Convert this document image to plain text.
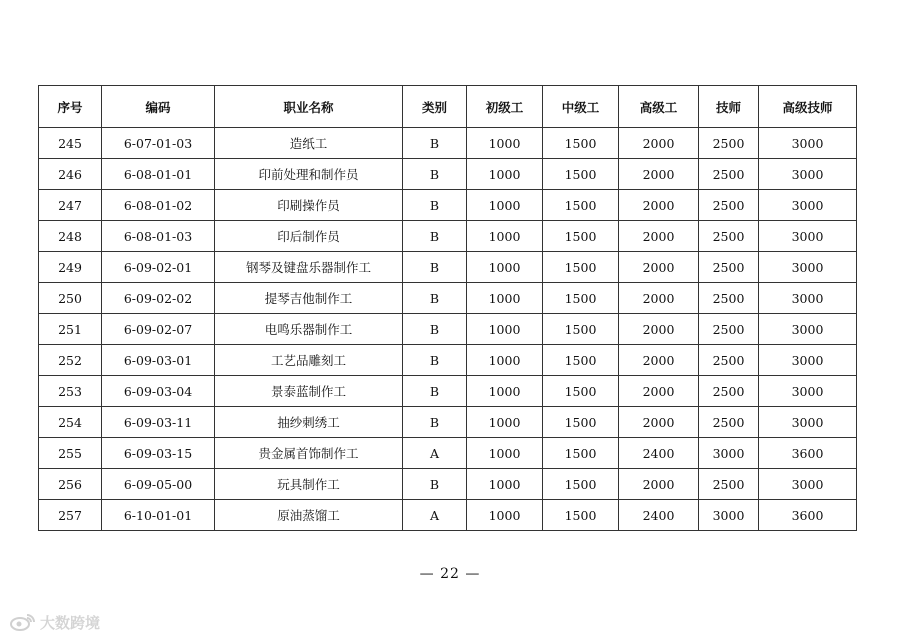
序号	编码	职业名称	类别	初级工	中级工	高级工	技师	高级技师
245	6-07-01-03	造纸工	B	1000	1500	2000	2500	3000
246	6-08-01-01	印前处理和制作员	B	1000	1500	2000	2500	3000
247	6-08-01-02	印刷操作员	B	1000	1500	2000	2500	3000
248	6-08-01-03	印后制作员	B	1000	1500	2000	2500	3000
249	6-09-02-01	钢琴及键盘乐器制作工	B	1000	1500	2000	2500	3000
250	6-09-02-02	提琴吉他制作工	B	1000	1500	2000	2500	3000
251	6-09-02-07	电鸣乐器制作工	B	1000	1500	2000	2500	3000
252	6-09-03-01	工艺品雕刻工	B	1000	1500	2000	2500	3000
253	6-09-03-04	景泰蓝制作工	B	1000	1500	2000	2500	3000
254	6-09-03-11	抽纱刺绣工	B	1000	1500	2000	2500	3000
255	6-09-03-15	贵金属首饰制作工	A	1000	1500	2400	3000	3600
256	6-09-05-00	玩具制作工	B	1000	1500	2000	2500	3000
257	6-10-01-01	原油蒸馏工	A	1000	1500	2400	3000	3600
— 22 —
大数跨境
